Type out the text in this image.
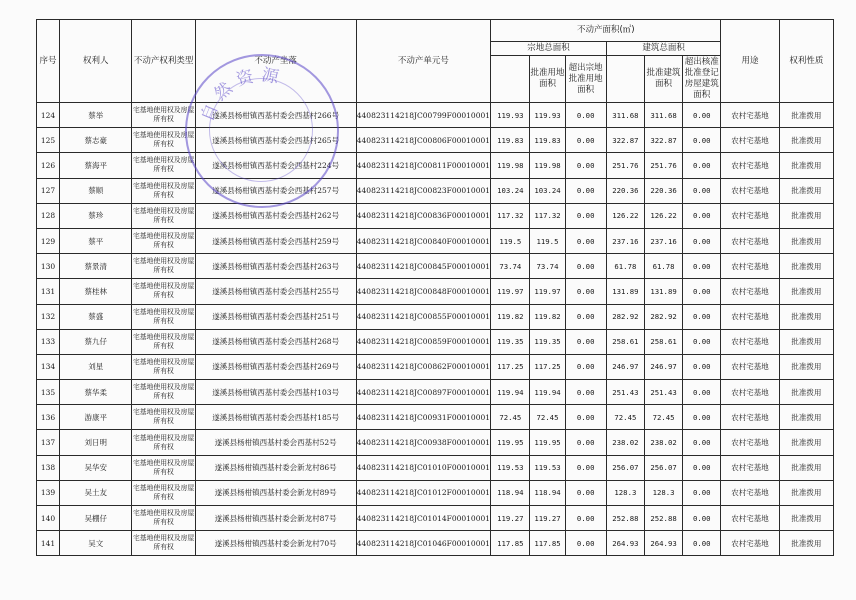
序号	权利人	不动产权利类型	不动产坐落	不动产单元号	不动产面积(㎡)						用途	权利性质
					宗地总面积			建筑总面积				
						批准用地面积	超出宗地批准用地面积		批准建筑面积	超出核准批准登记房屋建筑面积		
124	蔡举	宅基地使用权及房屋所有权	遂溪县杨柑镇西基村委会西基村266号	440823114218JC00799F00010001	119.93	119.93	0.00	311.68	311.68	0.00	农村宅基地	批准拨用
125	蔡志豪	宅基地使用权及房屋所有权	遂溪县杨柑镇西基村委会西基村265号	440823114218JC00806F00010001	119.83	119.83	0.00	322.87	322.87	0.00	农村宅基地	批准拨用
126	蔡海平	宅基地使用权及房屋所有权	遂溪县杨柑镇西基村委会西基村224号	440823114218JC00811F00010001	119.98	119.98	0.00	251.76	251.76	0.00	农村宅基地	批准拨用
127	蔡顺	宅基地使用权及房屋所有权	遂溪县杨柑镇西基村委会西基村257号	440823114218JC00823F00010001	103.24	103.24	0.00	220.36	220.36	0.00	农村宅基地	批准拨用
128	蔡珍	宅基地使用权及房屋所有权	遂溪县杨柑镇西基村委会西基村262号	440823114218JC00836F00010001	117.32	117.32	0.00	126.22	126.22	0.00	农村宅基地	批准拨用
129	蔡平	宅基地使用权及房屋所有权	遂溪县杨柑镇西基村委会西基村259号	440823114218JC00840F00010001	119.5	119.5	0.00	237.16	237.16	0.00	农村宅基地	批准拨用
130	蔡景清	宅基地使用权及房屋所有权	遂溪县杨柑镇西基村委会西基村263号	440823114218JC00845F00010001	73.74	73.74	0.00	61.78	61.78	0.00	农村宅基地	批准拨用
131	蔡桂林	宅基地使用权及房屋所有权	遂溪县杨柑镇西基村委会西基村255号	440823114218JC00848F00010001	119.97	119.97	0.00	131.89	131.89	0.00	农村宅基地	批准拨用
132	蔡盛	宅基地使用权及房屋所有权	遂溪县杨柑镇西基村委会西基村251号	440823114218JC00855F00010001	119.82	119.82	0.00	282.92	282.92	0.00	农村宅基地	批准拨用
133	蔡九仔	宅基地使用权及房屋所有权	遂溪县杨柑镇西基村委会西基村268号	440823114218JC00859F00010001	119.35	119.35	0.00	258.61	258.61	0.00	农村宅基地	批准拨用
134	刘星	宅基地使用权及房屋所有权	遂溪县杨柑镇西基村委会西基村269号	440823114218JC00862F00010001	117.25	117.25	0.00	246.97	246.97	0.00	农村宅基地	批准拨用
135	蔡华柔	宅基地使用权及房屋所有权	遂溪县杨柑镇西基村委会西基村103号	440823114218JC00897F00010001	119.94	119.94	0.00	251.43	251.43	0.00	农村宅基地	批准拨用
136	游康平	宅基地使用权及房屋所有权	遂溪县杨柑镇西基村委会西基村185号	440823114218JC00931F00010001	72.45	72.45	0.00	72.45	72.45	0.00	农村宅基地	批准拨用
137	刘日明	宅基地使用权及房屋所有权	遂溪县杨柑镇西基村委会西基村52号	440823114218JC00938F00010001	119.95	119.95	0.00	238.02	238.02	0.00	农村宅基地	批准拨用
138	吴华安	宅基地使用权及房屋所有权	遂溪县杨柑镇西基村委会新龙村86号	440823114218JC01010F00010001	119.53	119.53	0.00	256.07	256.07	0.00	农村宅基地	批准拨用
139	吴土友	宅基地使用权及房屋所有权	遂溪县杨柑镇西基村委会新龙村89号	440823114218JC01012F00010001	118.94	118.94	0.00	128.3	128.3	0.00	农村宅基地	批准拨用
140	吴棚仔	宅基地使用权及房屋所有权	遂溪县杨柑镇西基村委会新龙村87号	440823114218JC01014F00010001	119.27	119.27	0.00	252.88	252.88	0.00	农村宅基地	批准拨用
141	吴文	宅基地使用权及房屋所有权	遂溪县杨柑镇西基村委会新龙村70号	440823114218JC01046F00010001	117.85	117.85	0.00	264.93	264.93	0.00	农村宅基地	批准拨用
自然资源
